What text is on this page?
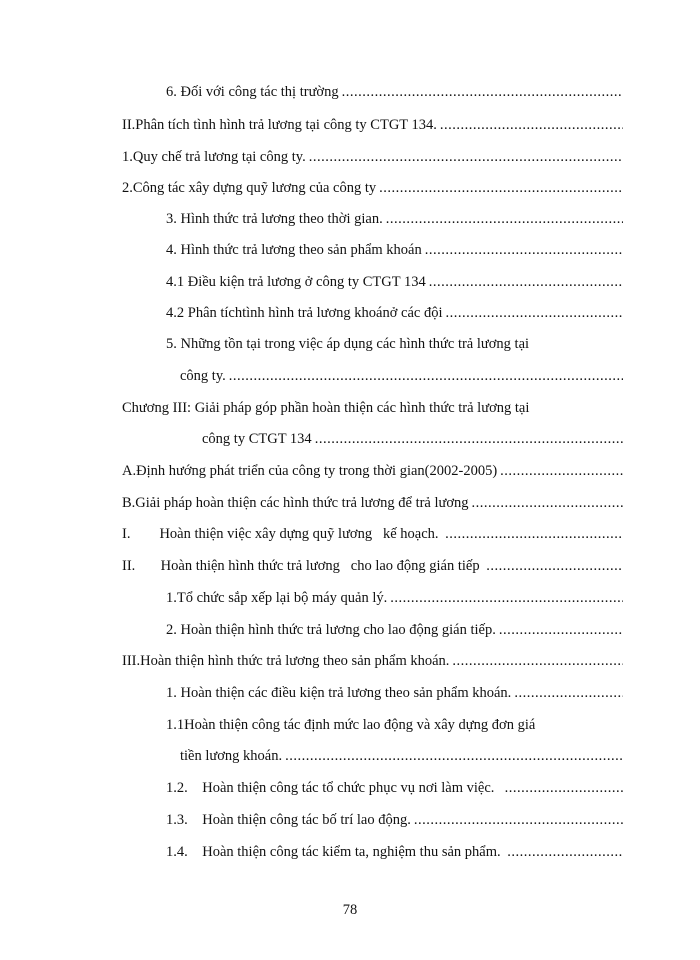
6. Đối với công tác thị trường
.....
II.Phân tích tình hình trả lương tại công ty CTGT 134.
.....
1.Quy chế trả lương tại công ty.
.....
2.Công tác xây dựng quỹ lương của công ty
.....
3. Hình thức trả lương theo thời gian.
.....
4. Hình thức trả lương theo sản phẩm khoán
.....
4.1 Điều kiện trả lương ở công ty CTGT 134
.....
4.2 Phân tíchtình hình trả lương khoánở các đội
.....
5. Những tồn tại trong việc áp dụng các hình thức trả lương tại
công ty.
.....
Chương III: Giải pháp góp phần hoàn thiện các hình thức trả lương tại
công ty CTGT 134
.....
A.Định hướng phát triển của công ty trong thời gian(2002-2005)
.....
B.Giải pháp hoàn thiện các hình thức trả lương để trả lương
.....
I.        Hoàn thiện việc xây dựng quỹ lương   kế hoạch.
.....
II.       Hoàn thiện hình thức trả lương   cho lao động gián tiếp
.....
1.Tổ chức sắp xếp lại bộ máy quản lý.
.....
2. Hoàn thiện hình thức trả lương cho lao động gián tiếp.
.....
III.Hoàn thiện hình thức trả lương theo sản phẩm khoán.
.....
1. Hoàn thiện các điều kiện trả lương theo sản phẩm khoán.
.....
1.1Hoàn thiện công tác định mức lao động và xây dựng đơn giá
tiền lương khoán.
.....
1.2.    Hoàn thiện công tác tổ chức phục vụ nơi làm việc.
.....
1.3.    Hoàn thiện công tác bố trí lao động.
.....
1.4.    Hoàn thiện công tác kiểm ta, nghiệm thu sản phẩm.
.....
78
